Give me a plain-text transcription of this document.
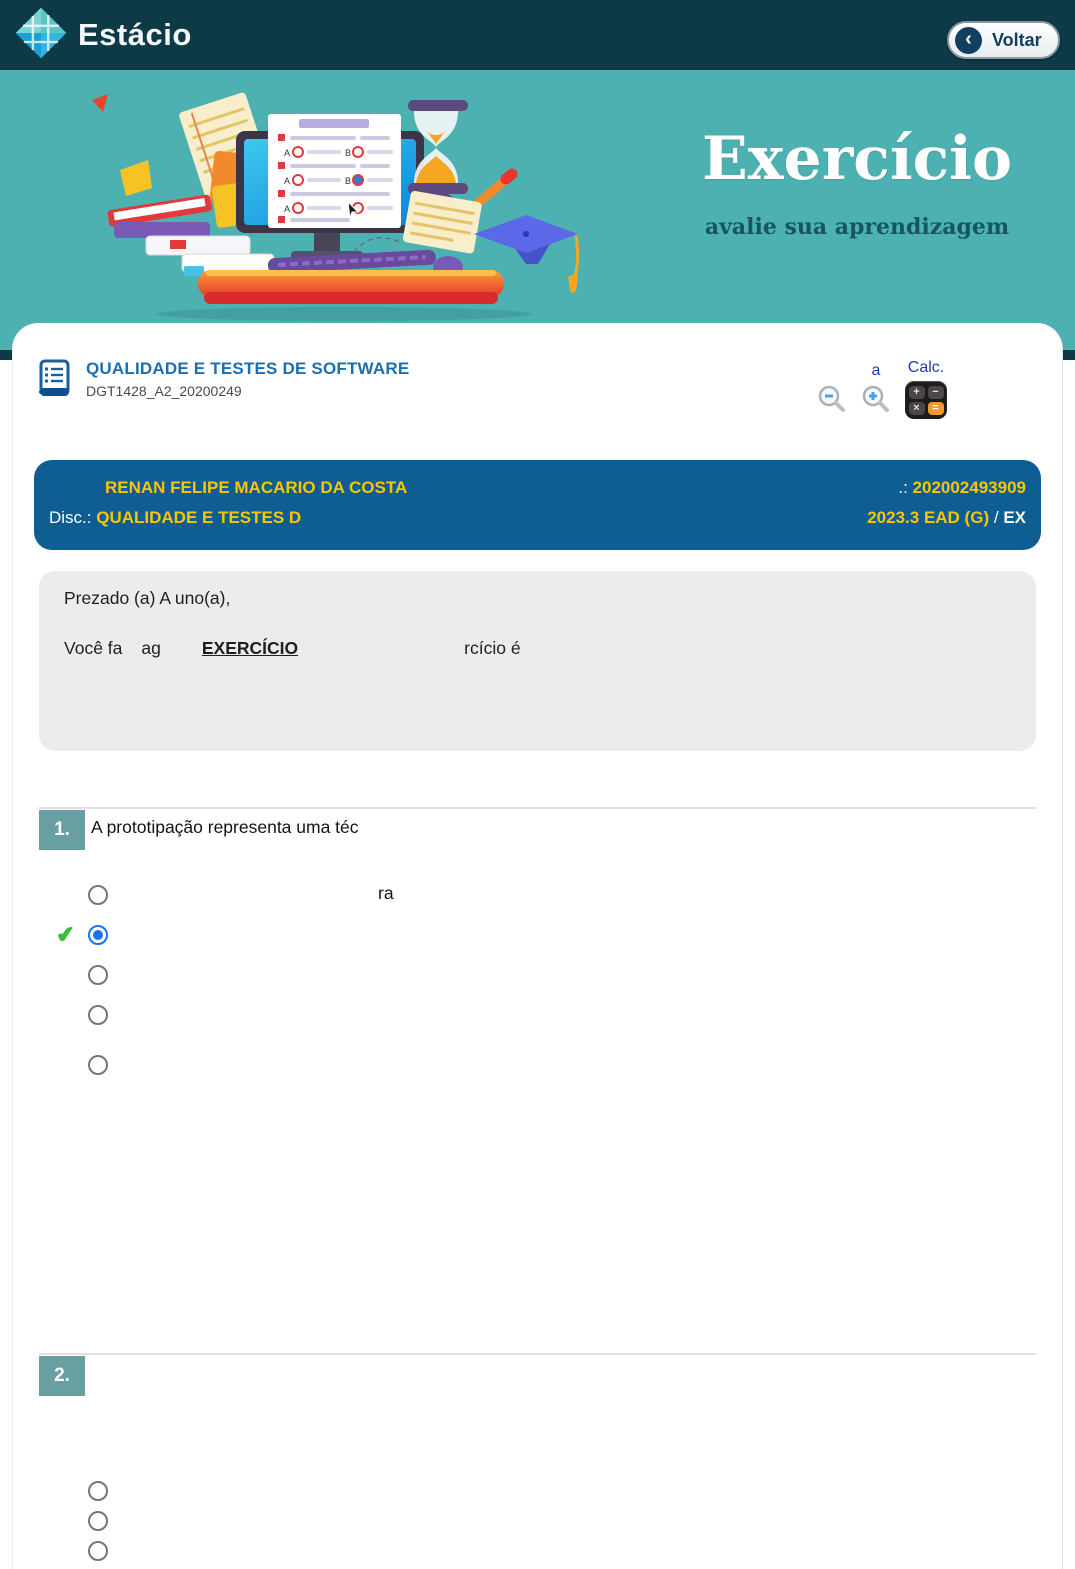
Estácio	‹	Voltar
A	B
A	B
A
Exercício
avalie sua aprendizagem
QUALIDADE E TESTES DE SOFTWARE
DGT1428_A2_20200249
a Calc.
+	−
×	=
RENAN FELIPE MACARIO DA COSTA	.: 202002493909
Disc.: QUALIDADE E TESTES D	2023.3 EAD (G) / EX
Prezado (a) A uno(a),
Você fa ag EXERCÍCIO	rcício é
1.	A prototipação representa uma téc
ra
✔
2.
